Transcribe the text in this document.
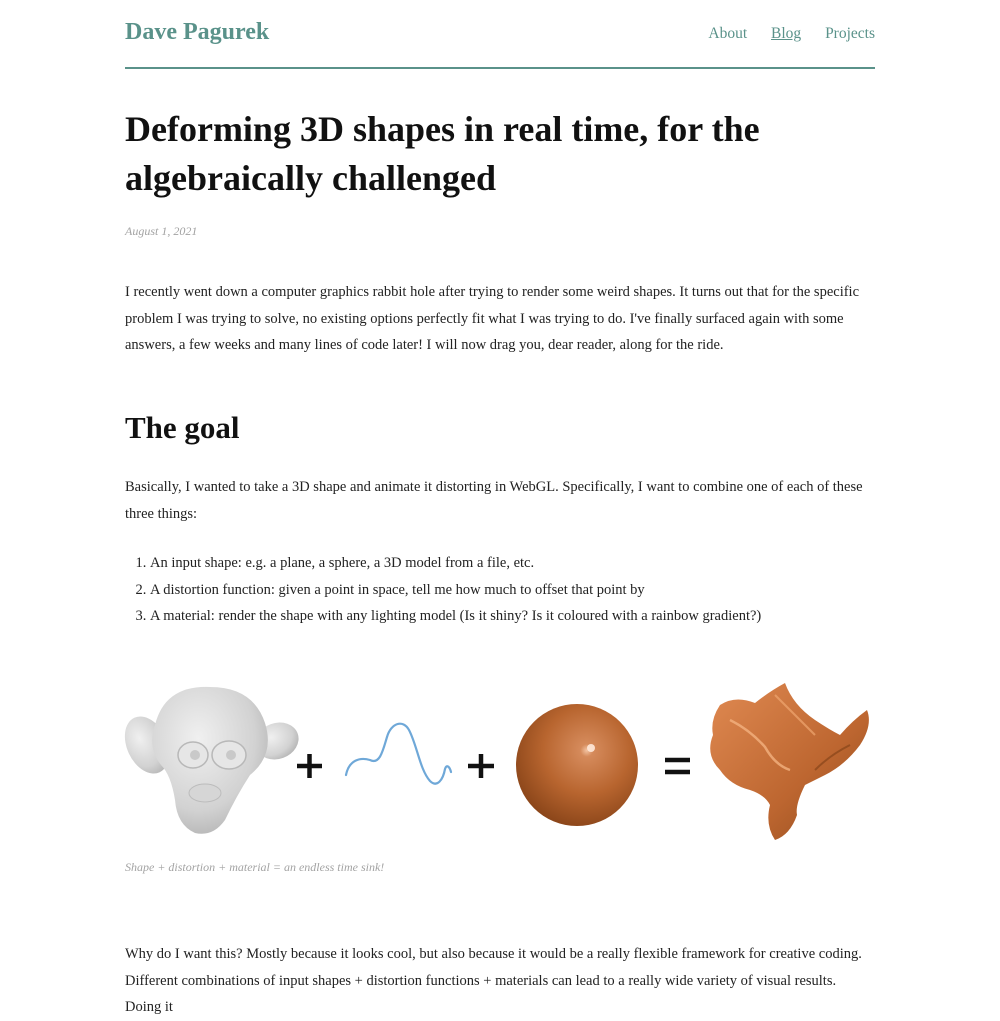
Dave Pagurek	About Blog Projects
Deforming 3D shapes in real time, for the algebraically challenged
August 1, 2021

I recently went down a computer graphics rabbit hole after trying to render some weird shapes. It turns out that for the specific problem I was trying to solve, no existing options perfectly fit what I was trying to do. I've finally surfaced again with some answers, a few weeks and many lines of code later! I will now drag you, dear reader, along for the ride.

The goal

Basically, I wanted to take a 3D shape and animate it distorting in WebGL. Specifically, I want to combine one of each of these three things:

1. An input shape: e.g. a plane, a sphere, a 3D model from a file, etc.
2. A distortion function: given a point in space, tell me how much to offset that point by
3. A material: render the shape with any lighting model (Is it shiny? Is it coloured with a rainbow gradient?)
Shape + distortion + material = an endless time sink!

Why do I want this? Mostly because it looks cool, but also because it would be a really flexible framework for creative coding. Different combinations of input shapes + distortion functions + materials can lead to a really wide variety of visual results. Doing it
